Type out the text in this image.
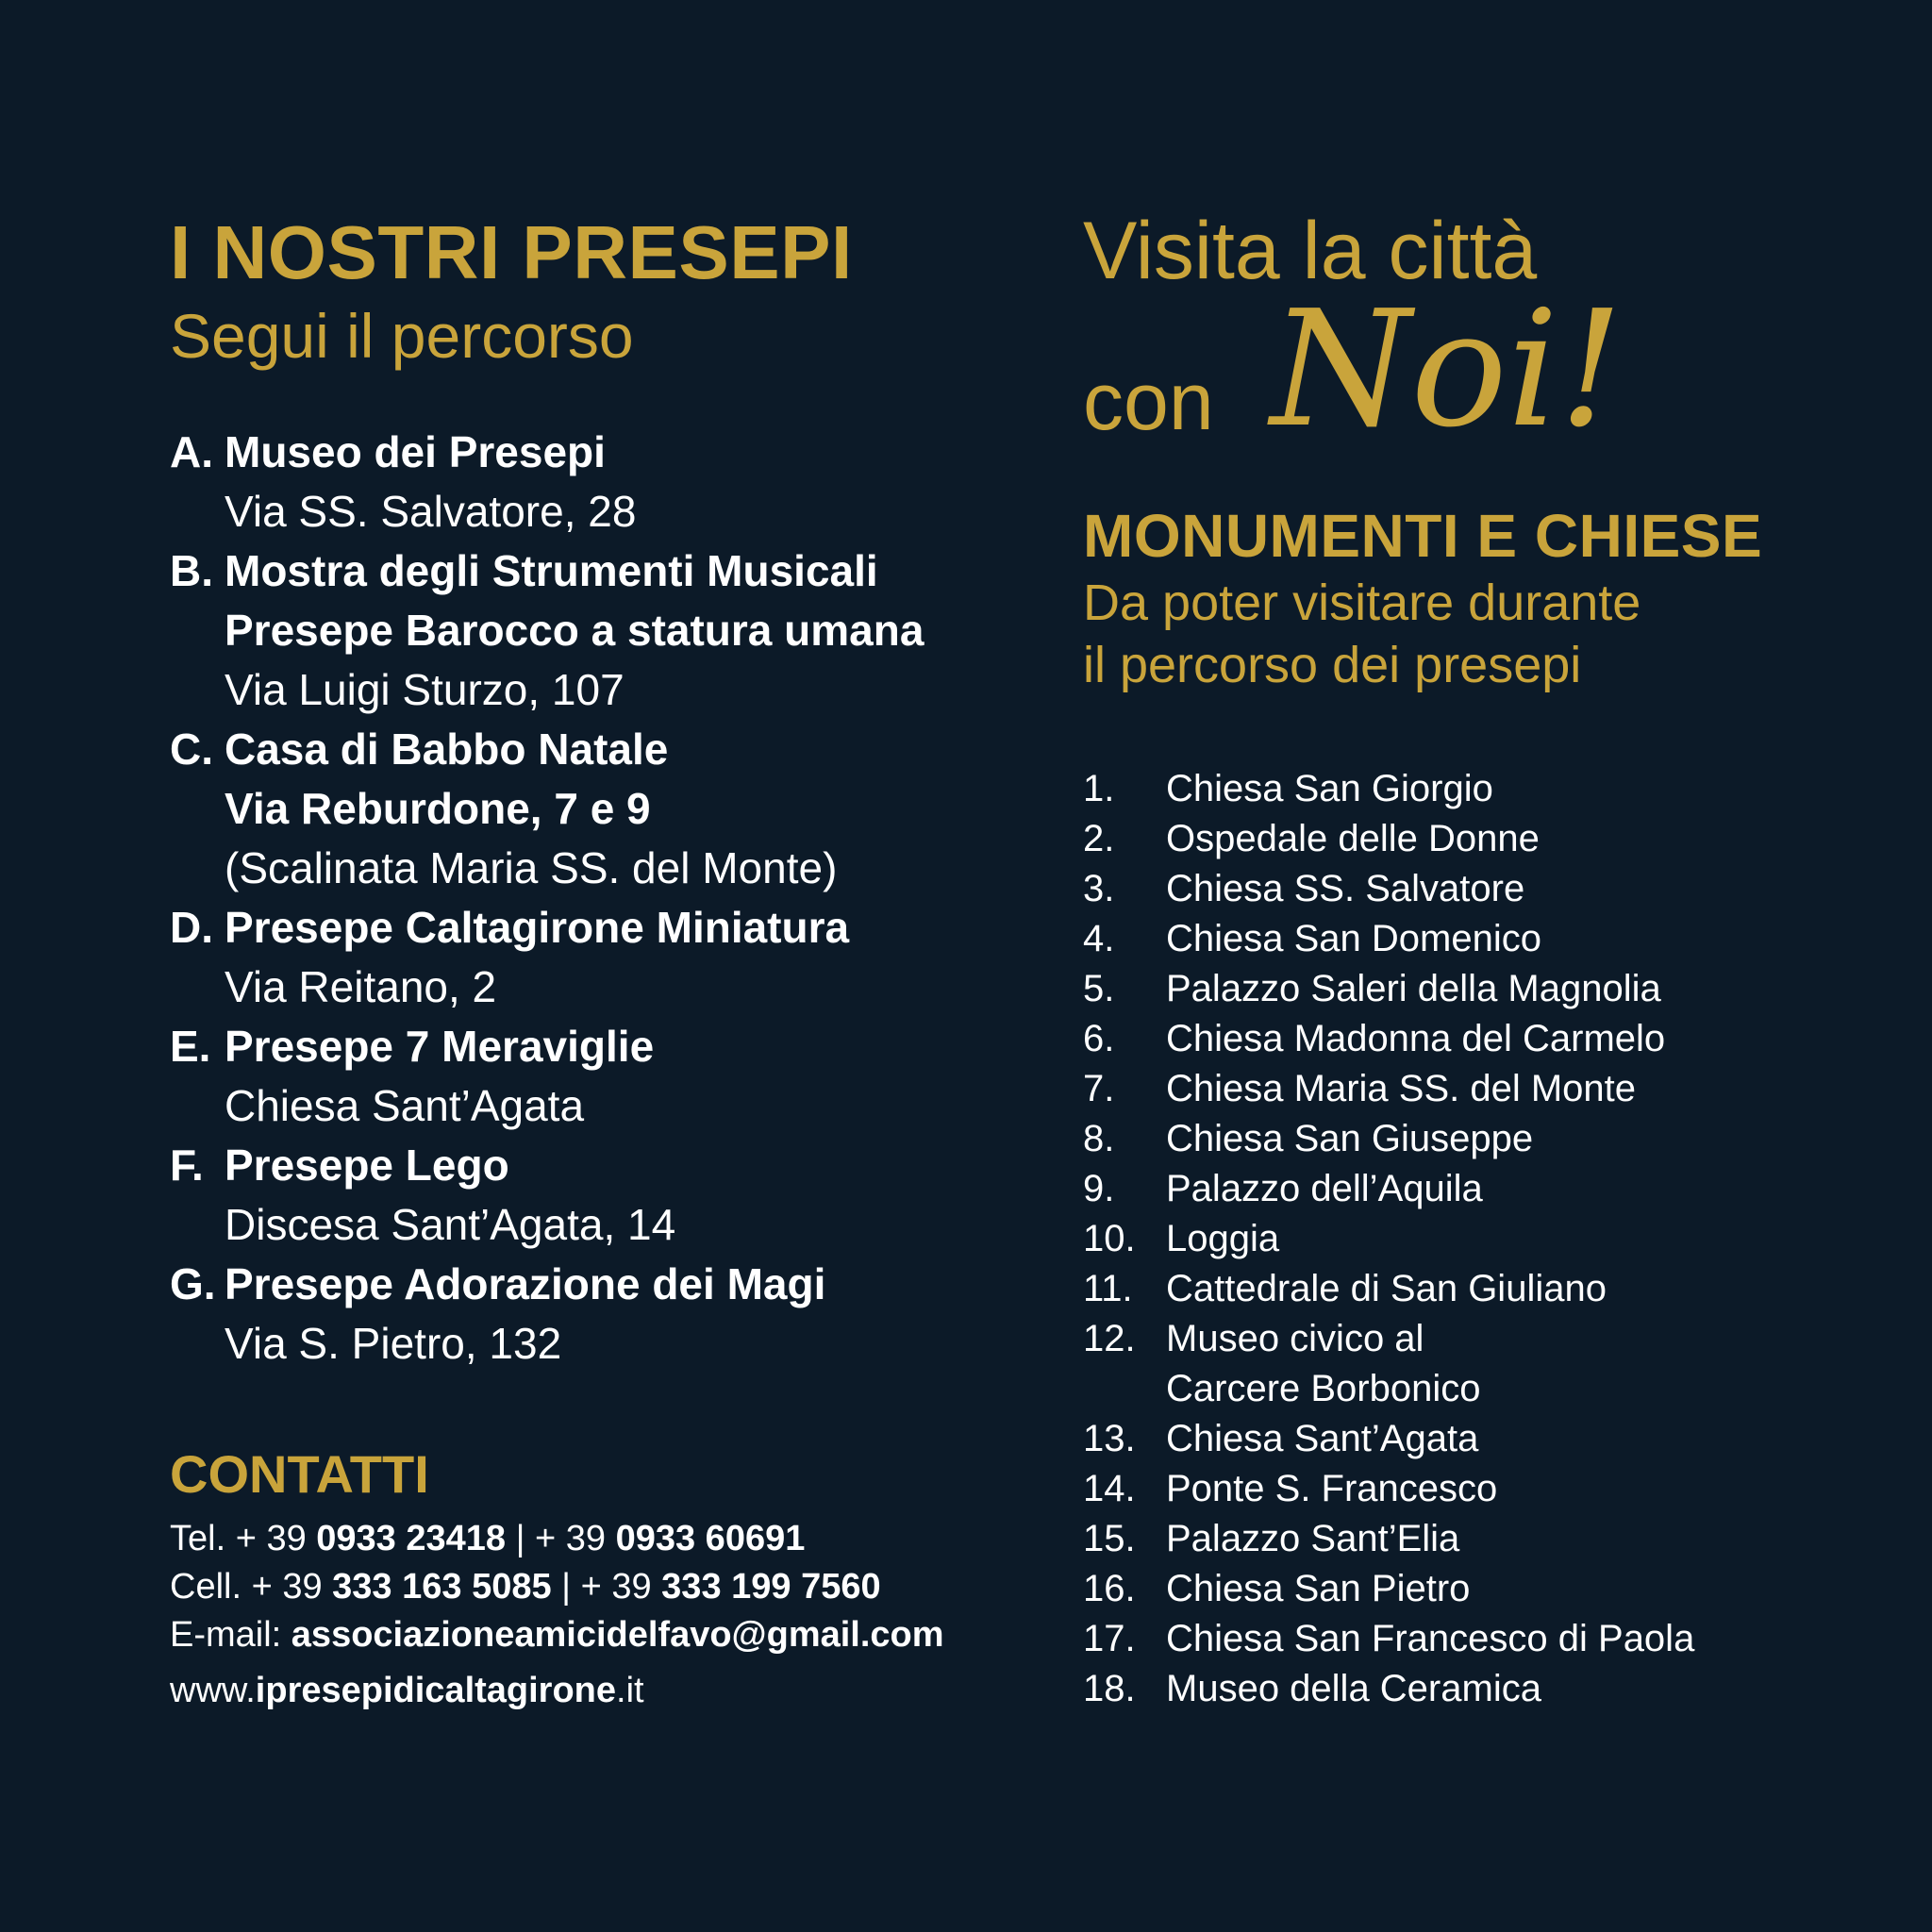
I NOSTRI PRESEPI
Segui il percorso
A. Museo dei Presepi
Via SS. Salvatore, 28
B. Mostra degli Strumenti Musicali
Presepe Barocco a statura umana
Via Luigi Sturzo, 107
C. Casa di Babbo Natale
Via Reburdone, 7 e 9
(Scalinata Maria SS. del Monte)
D. Presepe Caltagirone Miniatura
Via Reitano, 2
E. Presepe 7 Meraviglie
Chiesa Sant’Agata
F. Presepe Lego
Discesa Sant’Agata, 14
G. Presepe Adorazione dei Magi
Via S. Pietro, 132
CONTATTI
Tel. + 39 0933 23418 | + 39 0933 60691
Cell. + 39 333 163 5085 | + 39 333 199 7560
E-mail: associazioneamicidelfavo@gmail.com
www.ipresepidicaltagirone.it
Visita la città
con Noi!
MONUMENTI E CHIESE

Da poter visitare durante

il percorso dei presepi

1.	Chiesa San Giorgio
2.	Ospedale delle Donne
3.	Chiesa SS. Salvatore
4.	Chiesa San Domenico
5.	Palazzo Saleri della Magnolia
6.	Chiesa Madonna del Carmelo
7.	Chiesa Maria SS. del Monte
8.	Chiesa San Giuseppe
9.	Palazzo dell’Aquila
10. Loggia
11. Cattedrale di San Giuliano
12. Museo civico al
Carcere Borbonico
13. Chiesa Sant’Agata
14. Ponte S. Francesco
15. Palazzo Sant’Elia
16. Chiesa San Pietro
17. Chiesa San Francesco di Paola
18. Museo della Ceramica
